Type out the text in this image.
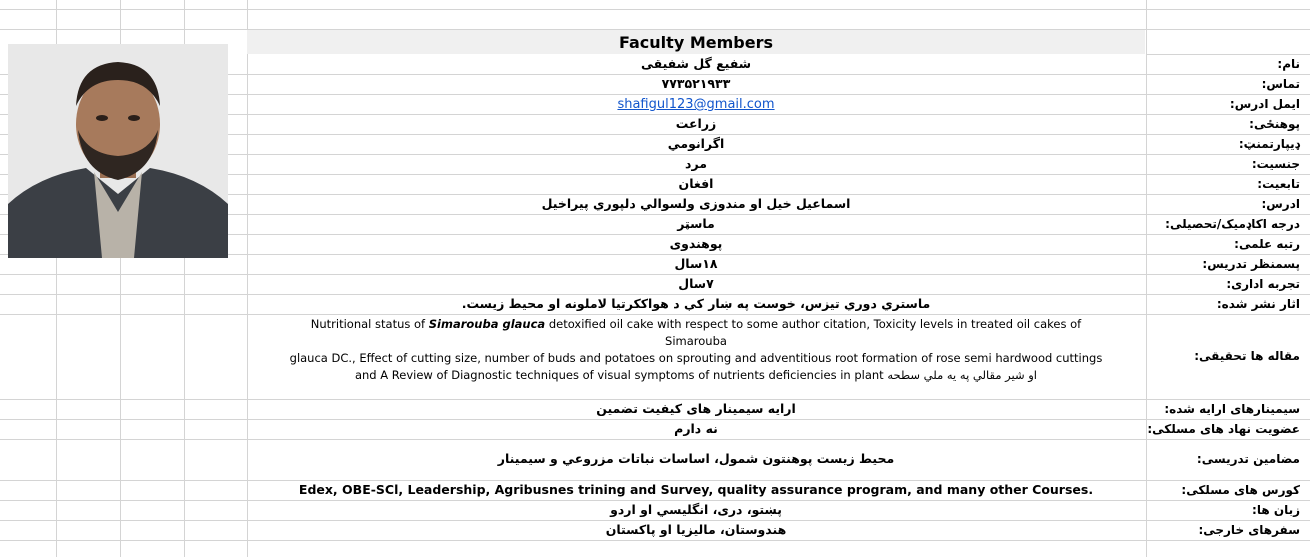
Faculty Members
نام:
شفیع گل شفیقی
تماس:
۷۷۳۵۲۱۹۳۳
ایمل ادرس:
shafigul123@gmail.com
پوهنځی:
زراعت
ډیپارتمنټ:
اگرانومي
جنسیت:
مرد
تابعیت:
افغان
ادرس:
اسماعیل خیل او مندوزی ولسوالي دلپوري پیراخیل
درجه اکاډمیک/تحصیلی:
ماسټر
رتبه علمی:
پوهندوی
پسمنظر تدریس:
۱۸سال
تجربه اداری:
۷سال
اثار نشر شده:
ماستري دوري تيزس، خوست په ښار كې د هواككرتيا لاملونه او محيط زيست.
مقاله ها تحقیقی:
Nutritional status of Simarouba glauca detoxified oil cake with respect to some author citation, Toxicity levels in treated oil cakes of
Simarouba
glauca DC., Effect of cutting size, number of buds and potatoes on sprouting and adventitious root formation of rose semi hardwood cuttings
and A Review of Diagnostic techniques of visual symptoms of nutrients deficiencies in plant او شير مقالي په يه ملي سطحه
سیمینارهای ارایه شده:
ارایه سیمینار های کیفیت تضمین
عضویت نهاد های مسلکی:
نه دارم
مضامین تدریسی:
محیط زیست پوهنتون شمول، اساسات نباتات مزروعي و سیمینار
کورس های مسلکی:
Edex, OBE-SCl, Leadership, Agribusnes trining and Survey, quality assurance program, and many other Courses.
زبان ها:
پښتو، دری، انگلیسي او اردو
سفرهای خارجی:
هندوستان، مالیزیا او پاکستان
